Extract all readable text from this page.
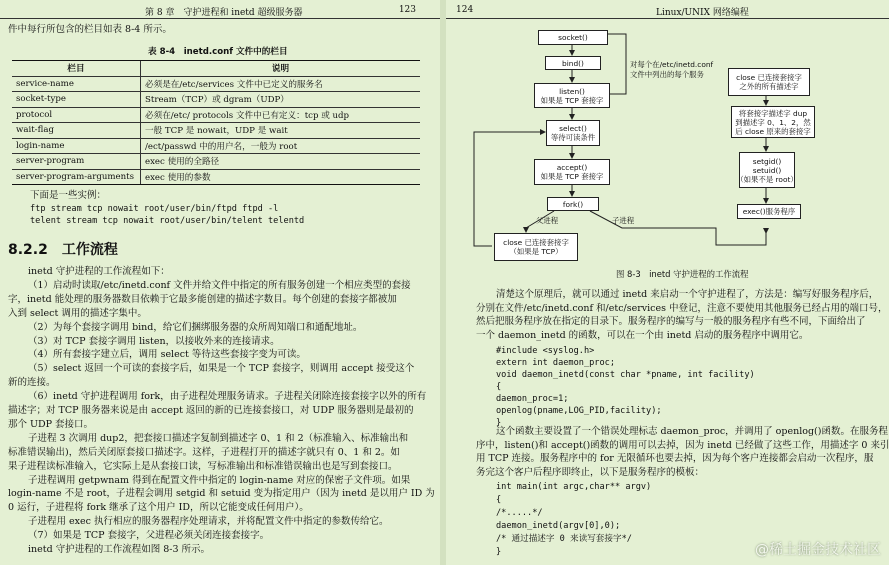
第 8 章　守护进程和 inetd 超级服务器	123
件中每行所包含的栏目如表 8-4 所示。
表 8-4　inetd.conf 文件中的栏目
栏目	说明
service-name	必须是在/etc/services 文件中已定义的服务名
socket-type	Stream（TCP）或 dgram（UDP）
protocol	必须在/etc/ protocols 文件中已有定义：tcp 或 udp
wait-flag	一般 TCP 是 nowait，UDP 是 wait
login-name	/ect/passwd 中的用户名，一般为 root
server-program	exec 使用的全路径
server-program-arguments	exec 使用的参数
下面是一些实例：
ftp stream tcp nowait root/user/bin/ftpd ftpd -l
telent stream tcp nowait root/user/bin/telent telentd
8.2.2　工作流程
inetd 守护进程的工作流程如下：
（1）启动时读取/etc/inetd.conf 文件并给文件中指定的所有服务创建一个相应类型的套接
字，inetd 能处理的服务器数目依赖于它最多能创建的描述字数目。每个创建的套接字都被加
入到 select 调用的描述字集中。
（2）为每个套接字调用 bind，给它们捆绑服务器的众所周知端口和通配地址。
（3）对 TCP 套接字调用 listen，以接收外来的连接请求。
（4）所有套接字建立后，调用 select 等待这些套接字变为可读。
（5）select 返回一个可读的套接字后，如果是一个 TCP 套接字，则调用 accept 接受这个
新的连接。
（6）inetd 守护进程调用 fork，由子进程处理服务请求。子进程关闭除连接套接字以外的所有
描述字；对 TCP 服务器来说是由 accept 返回的新的已连接套接口，对 UDP 服务器则是最初的
那个 UDP 套接口。
子进程 3 次调用 dup2，把套接口描述字复制到描述字 0、1 和 2（标准输入、标准输出和
标准错误输出)，然后关闭原套接口描述字。这样，子进程打开的描述字就只有 0、1 和 2。如
果子进程读标准输入，它实际上是从套接口读，写标准输出和标准错误输出也是写到套接口。
子进程调用 getpwnam 得到在配置文件中指定的 login-name 对应的保密子文件项。如果
login-name 不是 root，子进程会调用 setgid 和 setuid 变为指定用户（因为 inetd 是以用户 ID 为
0 运行，子进程将 fork 继承了这个用户 ID，所以它能变成任何用户）。
子进程用 exec 执行相应的服务器程序处理请求，并将配置文件中指定的参数传给它。
（7）如果是 TCP 套接字，父进程必须关闭连接套接字。
inetd 守护进程的工作流程如图 8-3 所示。
124	Linux/UNIX 网络编程
socket()
bind()
listen()
如果是 TCP 套接字
select()
等待可读条件
accept()
如果是 TCP 套接字
fork()
父进程	子进程
close 已连接套接字
（如果是 TCP）
对每个在/etc/inetd.conf
文件中列出的每个服务	close 已连接套接字
之外的所有描述字
将套接字描述字 dup
到描述字 0、1、2，然
后 close 原来的套接字
setgid()
setuid()
（如果不是 root）
exec()服务程序
图 8-3　inetd 守护进程的工作流程
清楚这个原理后，就可以通过 inetd 来启动一个守护进程了，方法是：编写好服务程序后，
分别在文件/etc/inetd.conf 和/etc/services 中登记，注意不要使用其他服务已经占用的端口号，
然后把服务程序放在指定的目录下。服务程序的编写与一般的服务程序有些不同，下面给出了
一个 daemon_inetd 的函数，可以在一个由 inetd 启动的服务程序中调用它。
#include <syslog.h>
extern int daemon_proc;
void daemon_inetd(const char *pname, int facility)
{
daemon_proc=1;
openlog(pname,LOG_PID,facility);
}
这个函数主要设置了一个错误处理标志 daemon_proc，并调用了 openlog()函数。在服务程
序中，listen()和 accept()函数的调用可以去掉，因为 inetd 已经做了这些工作，用描述字 0 来引
用 TCP 连接。服务程序中的 for 无限循环也要去掉，因为每个客户连接都会启动一次程序，服
务完这个客户后程序即终止，以下是服务程序的模板：
int main(int argc,char** argv)
{
/*.....*/
daemon_inetd(argv[0],0);
/* 通过描述字 0 来读写套接字*/
}	@稀土掘金技术社区
